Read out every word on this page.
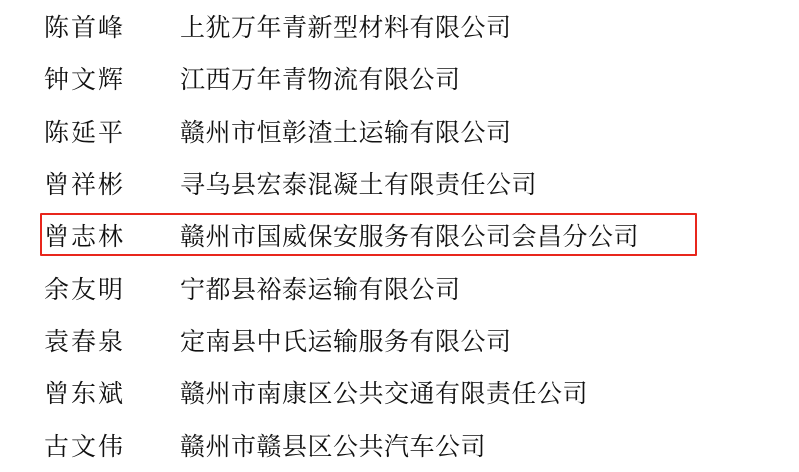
陈首峰	上犹万年青新型材料有限公司
钟文辉	江西万年青物流有限公司
陈延平	赣州市恒彰渣土运输有限公司
曾祥彬	寻乌县宏泰混凝土有限责任公司
曾志林	赣州市国威保安服务有限公司会昌分公司
余友明	宁都县裕泰运输有限公司
袁春泉	定南县中氏运输服务有限公司
曾东斌	赣州市南康区公共交通有限责任公司
古文伟	赣州市赣县区公共汽车公司
